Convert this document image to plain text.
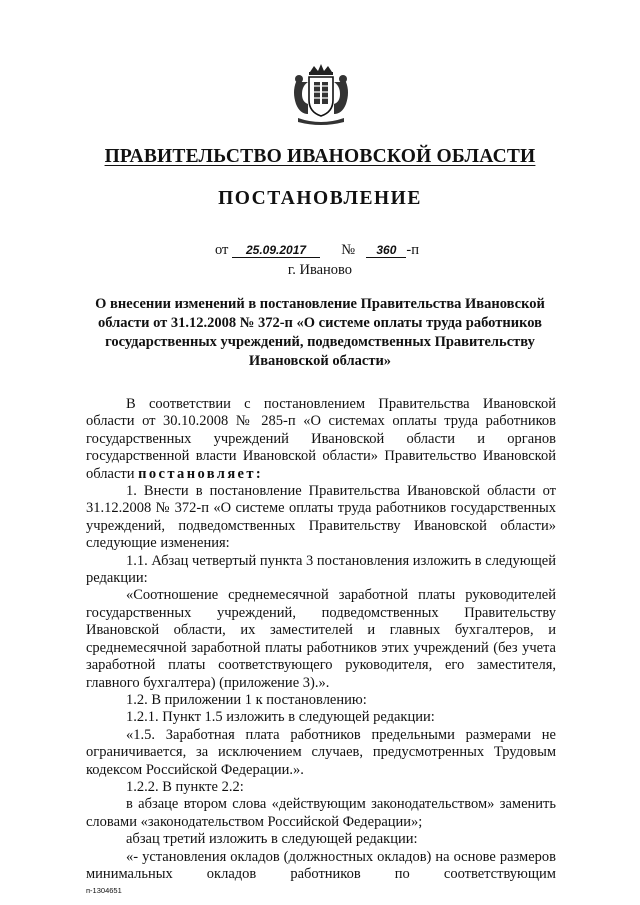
ПРАВИТЕЛЬСТВО ИВАНОВСКОЙ ОБЛАСТИ
ПОСТАНОВЛЕНИЕ
от 25.09.2017 № 360 -п
г. Иваново
О внесении изменений в постановление Правительства Ивановской области от 31.12.2008 № 372-п «О системе оплаты труда работников государственных учреждений, подведомственных Правительству Ивановской области»

В соответствии с постановлением Правительства Ивановской области от 30.10.2008 № 285-п «О системах оплаты труда работников государственных учреждений Ивановской области и органов государственной власти Ивановской области» Правительство Ивановской области постановляет:

1. Внести в постановление Правительства Ивановской области от 31.12.2008 № 372-п «О системе оплаты труда работников государственных учреждений, подведомственных Правительству Ивановской области» следующие изменения:

1.1. Абзац четвертый пункта 3 постановления изложить в следующей редакции:

«Соотношение среднемесячной заработной платы руководителей государственных учреждений, подведомственных Правительству Ивановской области, их заместителей и главных бухгалтеров, и среднемесячной заработной платы работников этих учреждений (без учета заработной платы соответствующего руководителя, его заместителя, главного бухгалтера) (приложение 3).».

1.2. В приложении 1 к постановлению:

1.2.1. Пункт 1.5 изложить в следующей редакции:

«1.5. Заработная плата работников предельными размерами не ограничивается, за исключением случаев, предусмотренных Трудовым кодексом Российской Федерации.».

1.2.2. В пункте 2.2:

в абзаце втором слова «действующим законодательством» заменить словами «законодательством Российской Федерации»;

абзац третий изложить в следующей редакции:

«- установления окладов (должностных окладов) на основе размеров минимальных окладов работников по соответствующим

п-1304651
